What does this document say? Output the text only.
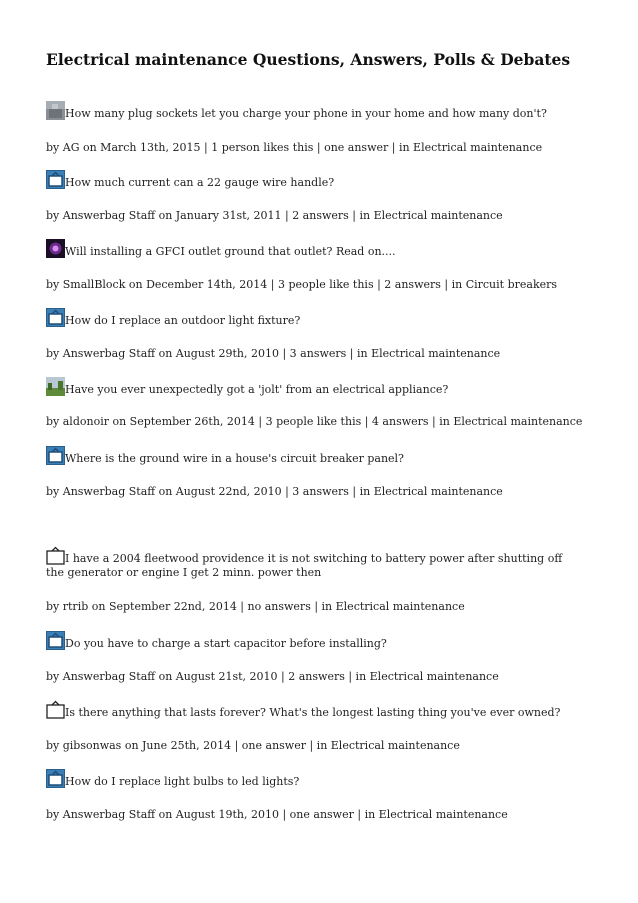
Electrical maintenance Questions, Answers, Polls & Debates
How many plug sockets let you charge your phone in your home and how many don't?
by AG on March 13th, 2015 | 1 person likes this | one answer | in Electrical maintenance
How much current can a 22 gauge wire handle?
by Answerbag Staff on January 31st, 2011 | 2 answers | in Electrical maintenance
Will installing a GFCI outlet ground that outlet? Read on....
by SmallBlock on December 14th, 2014 | 3 people like this | 2 answers | in Circuit breakers
How do I replace an outdoor light fixture?
by Answerbag Staff on August 29th, 2010 | 3 answers | in Electrical maintenance
Have you ever unexpectedly got a 'jolt' from an electrical appliance?
by aldonoir on September 26th, 2014 | 3 people like this | 4 answers | in Electrical maintenance
Where is the ground wire in a house's circuit breaker panel?
by Answerbag Staff on August 22nd, 2010 | 3 answers | in Electrical maintenance
I have a 2004 fleetwood providence it is not switching to battery power after shutting off the generator or engine I get 2 minn. power then
by rtrib on September 22nd, 2014 | no answers | in Electrical maintenance
Do you have to charge a start capacitor before installing?
by Answerbag Staff on August 21st, 2010 | 2 answers | in Electrical maintenance
Is there anything that lasts forever? What's the longest lasting thing you've ever owned?
by gibsonwas on June 25th, 2014 | one answer | in Electrical maintenance
How do I replace light bulbs to led lights?
by Answerbag Staff on August 19th, 2010 | one answer | in Electrical maintenance
